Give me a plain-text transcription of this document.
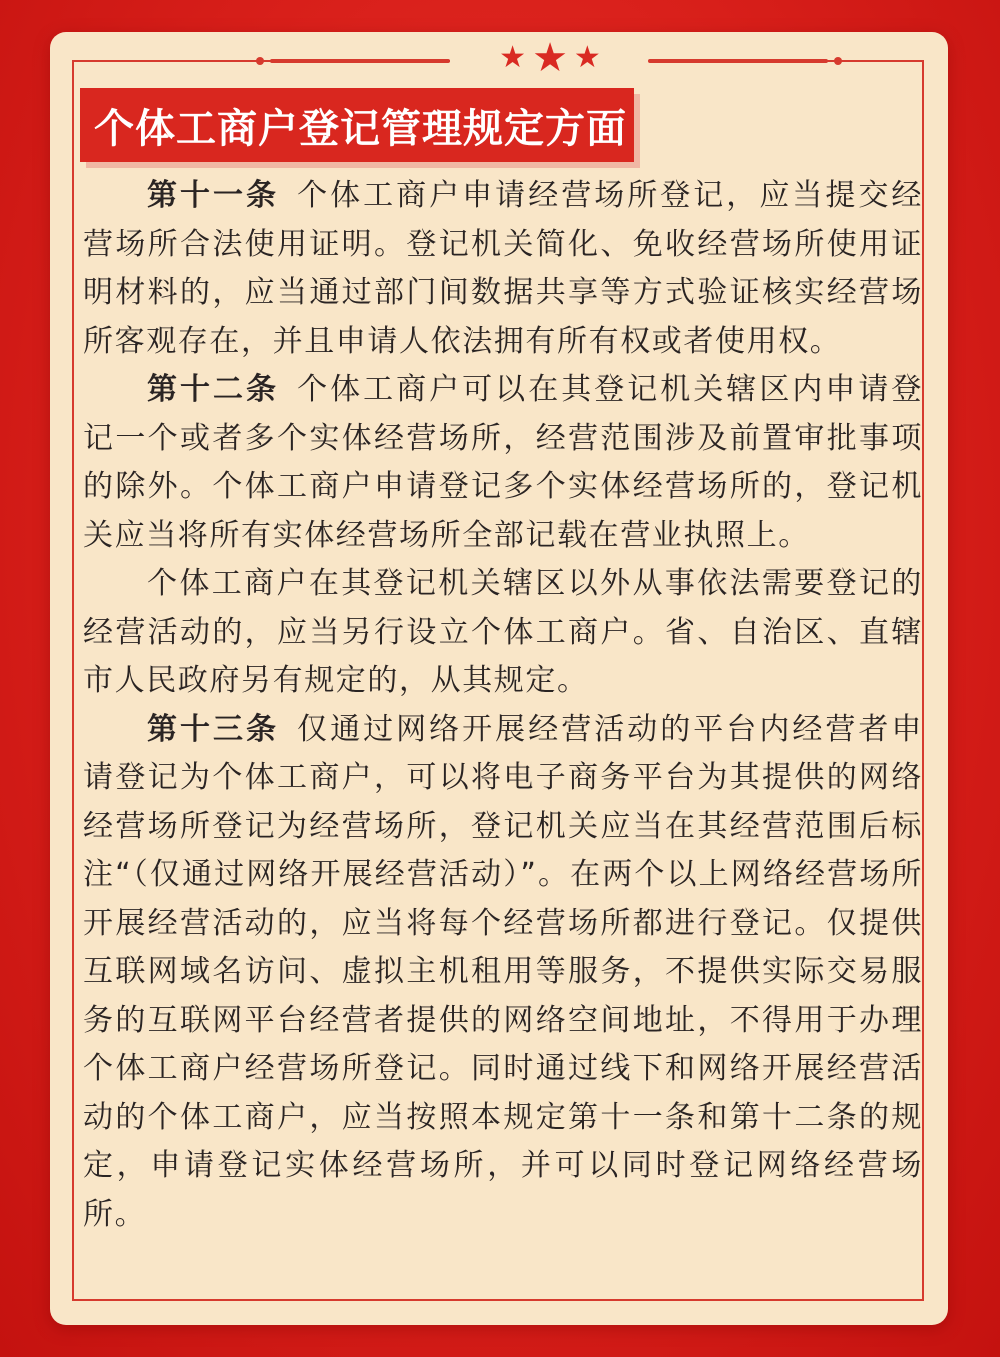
★ ★ ★
个体工商户登记管理规定方面

第十一条 个体工商户申请经营场所登记，应当提交经营场所合法使用证明。登记机关简化、免收经营场所使用证明材料的，应当通过部门间数据共享等方式验证核实经营场所客观存在，并且申请人依法拥有所有权或者使用权。

第十二条 个体工商户可以在其登记机关辖区内申请登记一个或者多个实体经营场所，经营范围涉及前置审批事项的除外。个体工商户申请登记多个实体经营场所的，登记机关应当将所有实体经营场所全部记载在营业执照上。

个体工商户在其登记机关辖区以外从事依法需要登记的经营活动的，应当另行设立个体工商户。省、自治区、直辖市人民政府另有规定的，从其规定。

第十三条 仅通过网络开展经营活动的平台内经营者申请登记为个体工商户，可以将电子商务平台为其提供的网络经营场所登记为经营场所，登记机关应当在其经营范围后标注“（仅通过网络开展经营活动）”。在两个以上网络经营场所开展经营活动的，应当将每个经营场所都进行登记。仅提供互联网域名访问、虚拟主机租用等服务，不提供实际交易服务的互联网平台经营者提供的网络空间地址，不得用于办理个体工商户经营场所登记。同时通过线下和网络开展经营活动的个体工商户，应当按照本规定第十一条和第十二条的规定，申请登记实体经营场所，并可以同时登记网络经营场所。
